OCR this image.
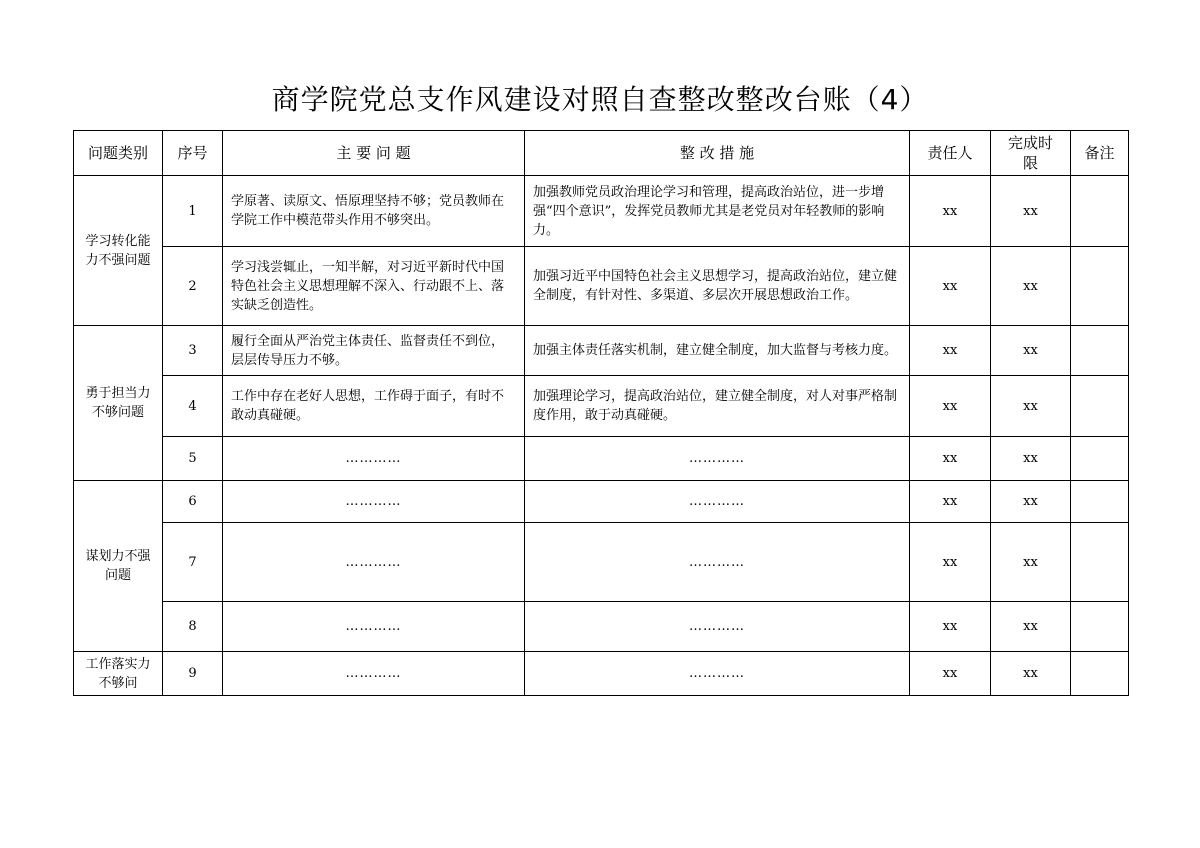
商学院党总支作风建设对照自查整改整改台账（4）
问题类别	序号	主 要 问 题	整 改 措 施	责任人	完成时限	备注
学习转化能力不强问题	1	学原著、读原文、悟原理坚持不够；党员教师在学院工作中模范带头作用不够突出。	加强教师党员政治理论学习和管理，提高政治站位，进一步增强“四个意识”，发挥党员教师尤其是老党员对年轻教师的影响力。	xx	xx	
	2	学习浅尝辄止，一知半解，对习近平新时代中国特色社会主义思想理解不深入、行动跟不上、落实缺乏创造性。	加强习近平中国特色社会主义思想学习，提高政治站位，建立健全制度，有针对性、多渠道、多层次开展思想政治工作。	xx	xx	
勇于担当力不够问题	3	履行全面从严治党主体责任、监督责任不到位，层层传导压力不够。	加强主体责任落实机制，建立健全制度，加大监督与考核力度。	xx	xx	
	4	工作中存在老好人思想，工作碍于面子，有时不敢动真碰硬。	加强理论学习，提高政治站位，建立健全制度，对人对事严格制度作用，敢于动真碰硬。	xx	xx	
	5	…………	…………	xx	xx	
谋划力不强问题	6	…………	…………	xx	xx	
	7	…………	…………	xx	xx	
	8	…………	…………	xx	xx	
工作落实力不够问	9	…………	…………	xx	xx	
